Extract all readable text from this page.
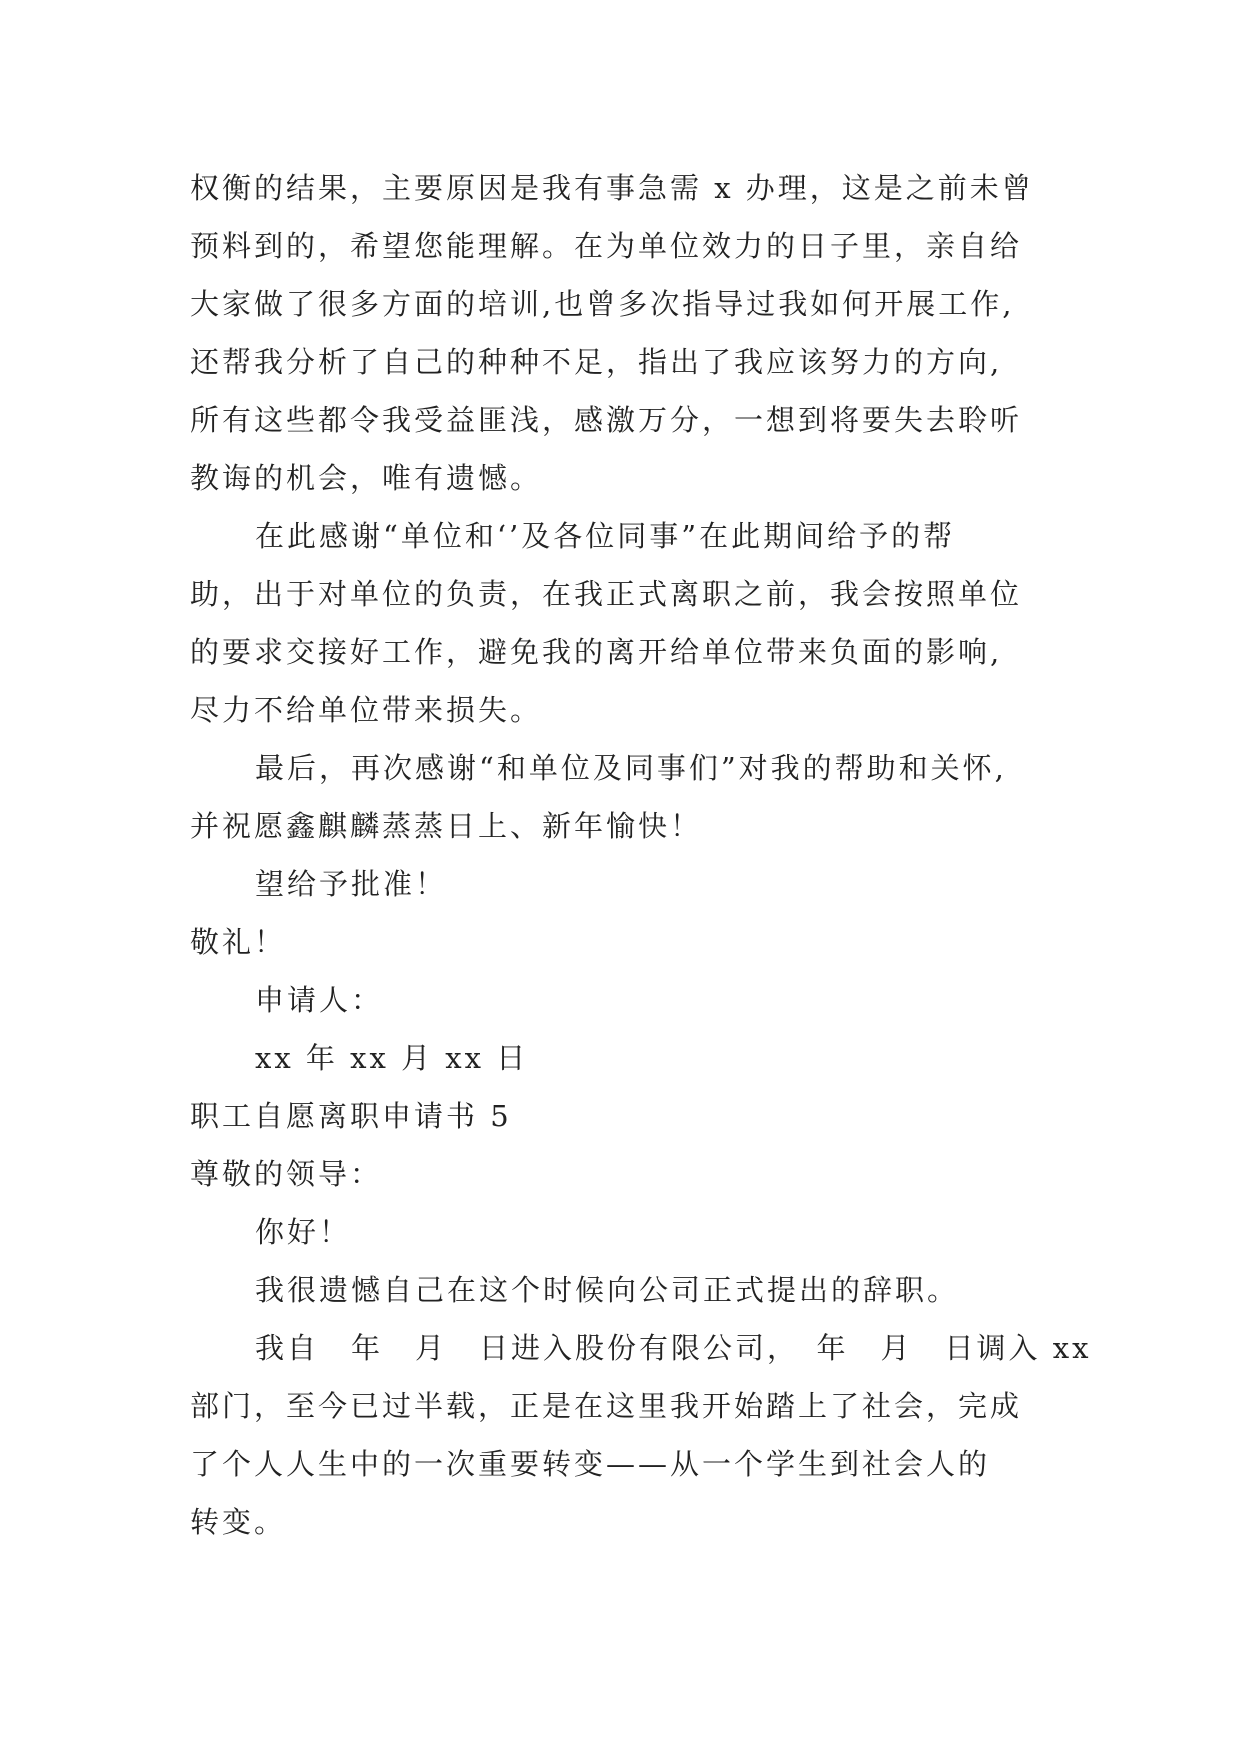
权衡的结果，主要原因是我有事急需 x 办理，这是之前未曾
预料到的，希望您能理解。在为单位效力的日子里，亲自给
大家做了很多方面的培训,也曾多次指导过我如何开展工作,
还帮我分析了自己的种种不足，指出了我应该努力的方向,
所有这些都令我受益匪浅，感激万分，一想到将要失去聆听
教诲的机会，唯有遗憾。
在此感谢“单位和‘’及各位同事”在此期间给予的帮
助，出于对单位的负责，在我正式离职之前，我会按照单位
的要求交接好工作，避免我的离开给单位带来负面的影响,
尽力不给单位带来损失。
最后，再次感谢“和单位及同事们”对我的帮助和关怀,
并祝愿鑫麒麟蒸蒸日上、新年愉快！
望给予批准！
敬礼！
申请人：
xx 年 xx 月 xx 日
职工自愿离职申请书 5
尊敬的领导：
你好！
我很遗憾自己在这个时候向公司正式提出的辞职。
我自　年　月　日进入股份有限公司，　年　月　日调入 xx
部门，至今已过半载，正是在这里我开始踏上了社会，完成
了个人人生中的一次重要转变——从一个学生到社会人的
转变。
